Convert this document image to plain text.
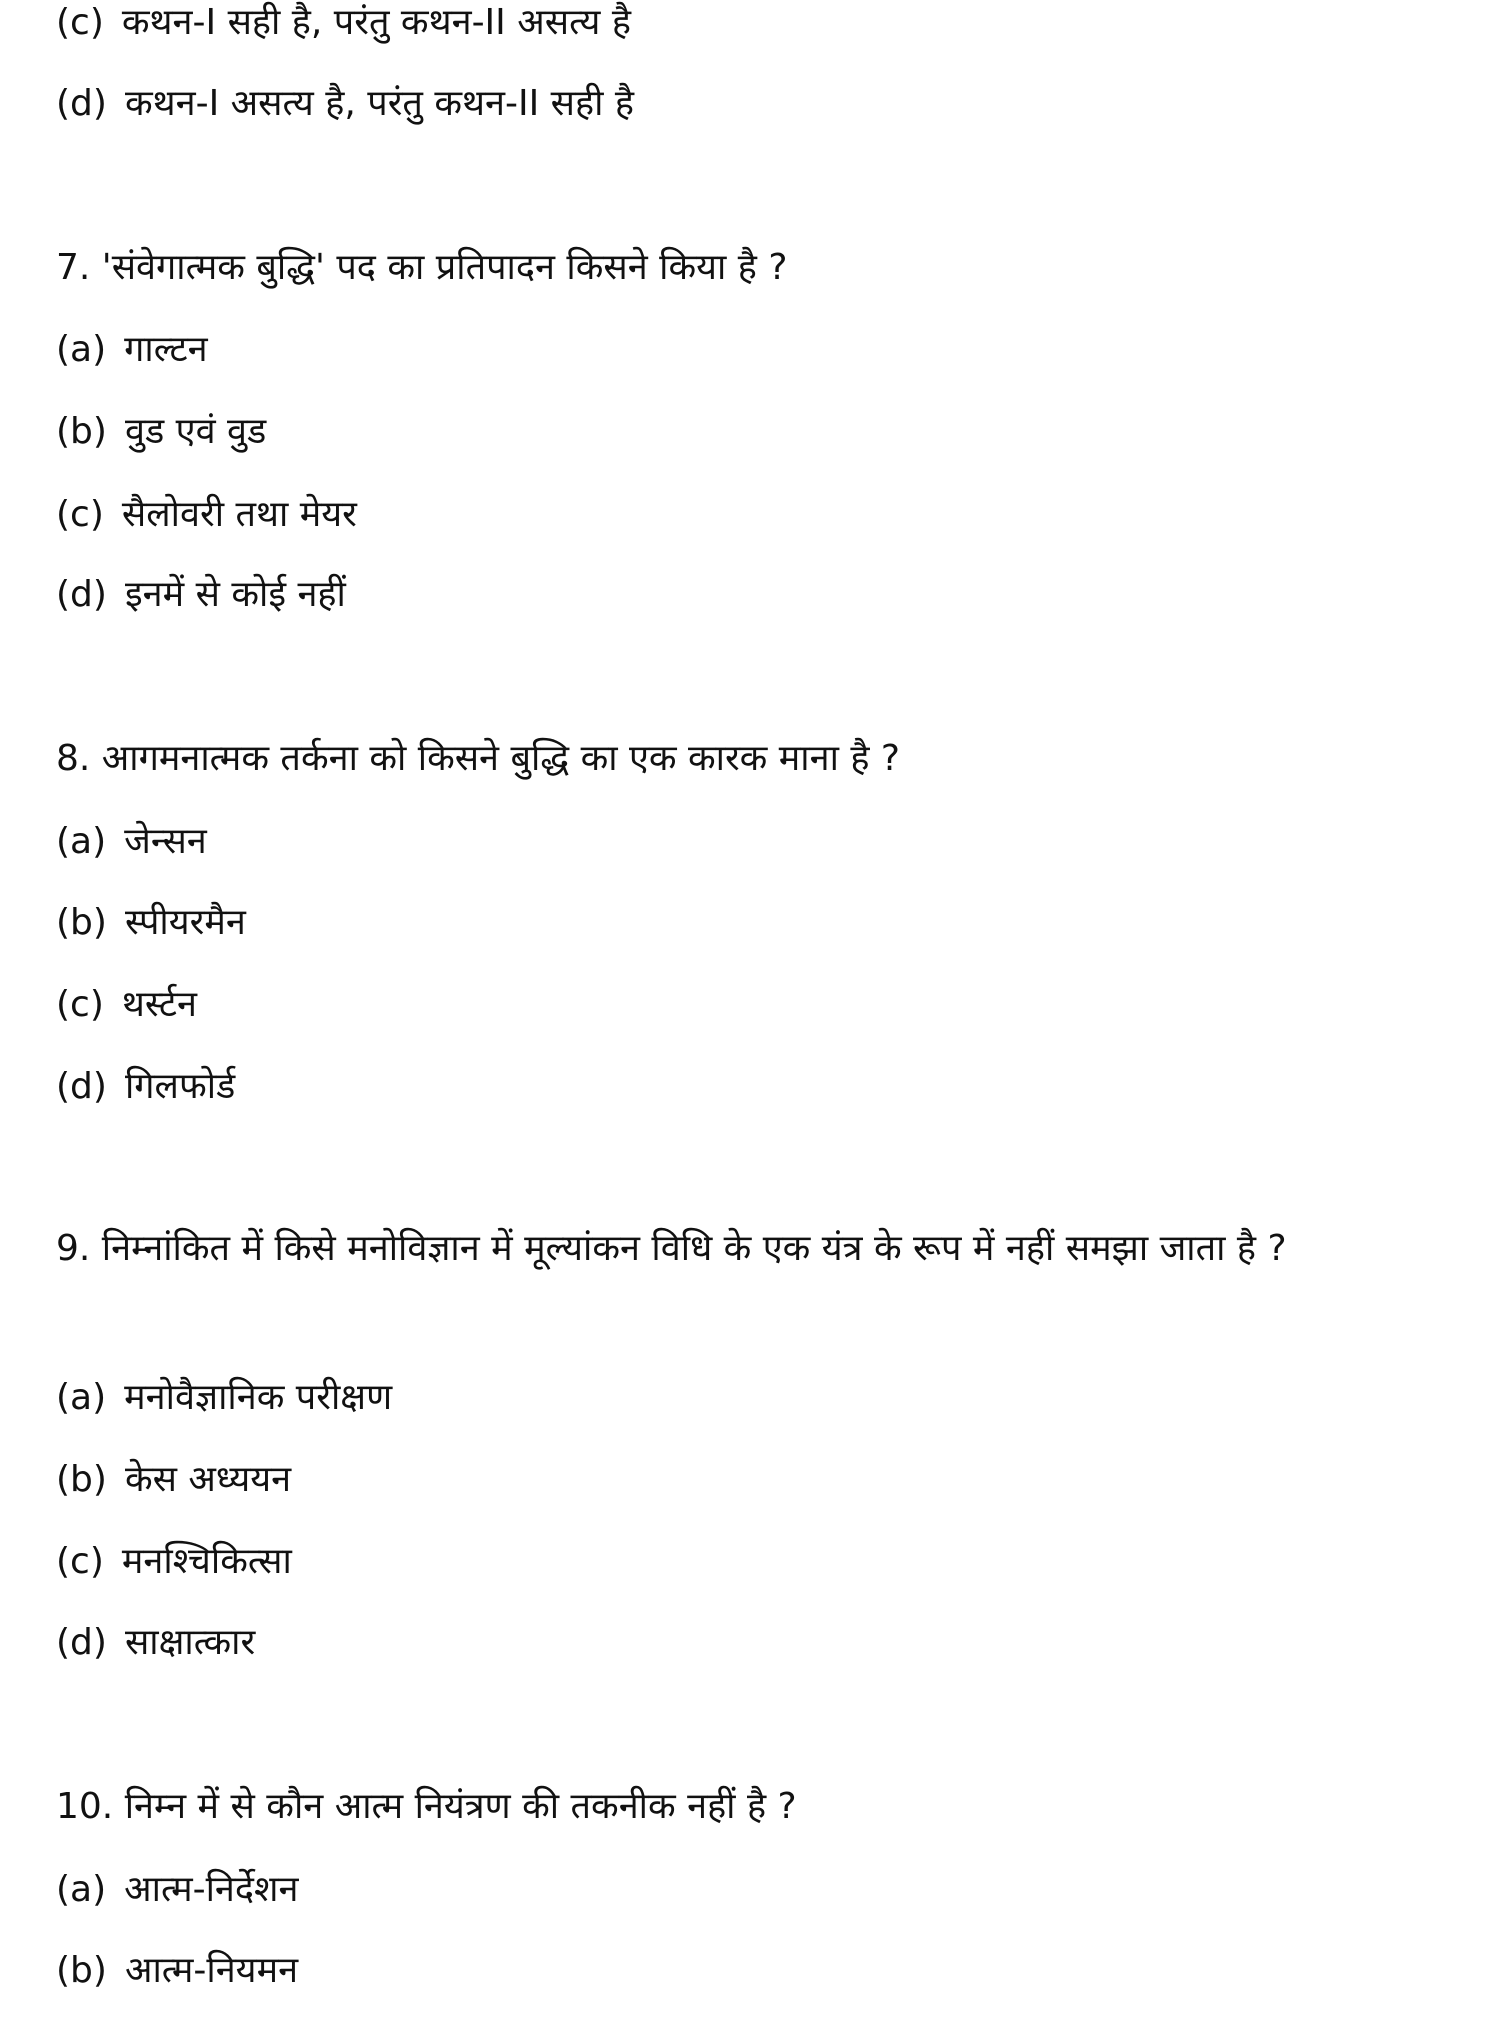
(c) कथन-I सही है, परंतु कथन-II असत्य है
(d) कथन-I असत्य है, परंतु कथन-II सही है
7. 'संवेगात्मक बुद्धि' पद का प्रतिपादन किसने किया है ?
(a) गाल्टन
(b) वुड एवं वुड
(c) सैलोवरी तथा मेयर
(d) इनमें से कोई नहीं
8. आगमनात्मक तर्कना को किसने बुद्धि का एक कारक माना है ?
(a) जेन्सन
(b) स्पीयरमैन
(c) थर्स्टन
(d) गिलफोर्ड
9. निम्नांकित में किसे मनोविज्ञान में मूल्यांकन विधि के एक यंत्र के रूप में नहीं समझा जाता है ?
(a) मनोवैज्ञानिक परीक्षण
(b) केस अध्ययन
(c) मनश्चिकित्सा
(d) साक्षात्कार
10. निम्न में से कौन आत्म नियंत्रण की तकनीक नहीं है ?
(a) आत्म-निर्देशन
(b) आत्म-नियमन
